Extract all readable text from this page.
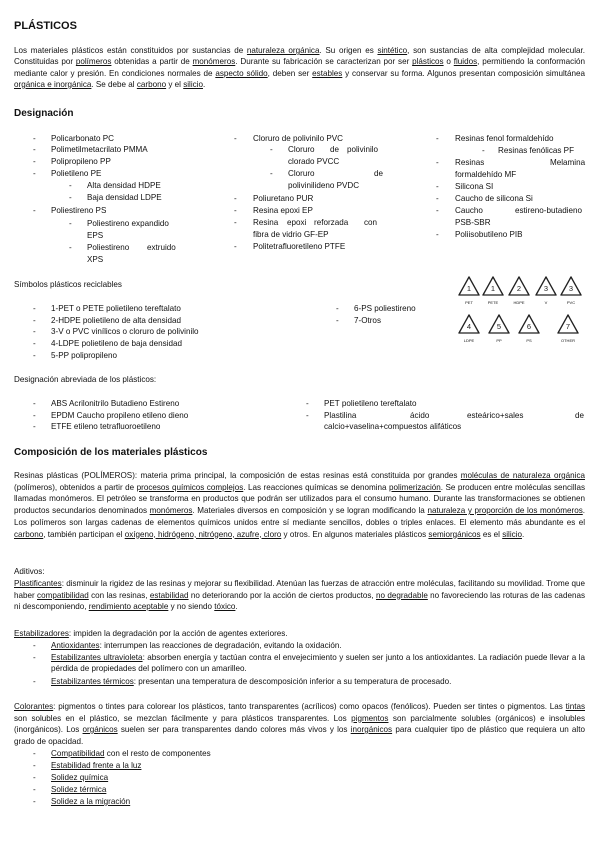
PLÁSTICOS
Los materiales plásticos están constituidos por sustancias de naturaleza orgánica. Su origen es sintético, son sustancias de alta complejidad molecular. Constituidas por polímeros obtenidas a partir de monómeros. Durante su fabricación se caracterizan por ser plásticos o fluidos, permitiendo la conformación mediante calor y presión. En condiciones normales de aspecto sólido, deben ser estables y conservar su forma. Algunos presentan composición simultánea orgánica e inorgánica. Se debe al carbono y el silicio.
Designación
-	Policarbonato PC
-	Polimetilmetacrilato PMMA
-	Polipropileno PP
-	Polietileno PE
-	Alta densidad HDPE
-	Baja densidad LDPE
-	Poliestireno PS
-	Poliestireno expandido
EPS
-	Poliestireno extruido
XPS
-	Cloruro de polivinilo PVC
-	Cloruro de polivinilo
clorado PVCC
-	Cloruro	de
polivinilideno PVDC
-	Poliuretano PUR
-	Resina epoxi EP
-	Resina epoxi reforzada con
fibra de vidrio GF-EP
-	Politetrafluoretileno PTFE
-	Resinas fenol formaldehído
-	Resinas fenólicas PF
-	Resinas	Melamina
formaldehído MF
-	Silicona SI
-	Caucho de silicona Si
-	Caucho	estireno-butadieno
PSB-SBR
-	Poliisobutileno PIB
Símbolos plásticos reciclables
-	1-PET o PETE polietileno tereftalato
-	2-HDPE polietileno de alta densidad
-	3-V o PVC vinílicos o cloruro de polivinilo
-	4-LDPE polietileno de baja densidad
-	5-PP polipropileno
-	6-PS poliestireno
-	7-Otros
1
PET
1
PETE
2
HDPE
3
V
3
PVC
4
LDPE
5
PP
6
PS
7
OTHER
Designación abreviada de los plásticos:
-	ABS Acrilonitrilo Butadieno Estireno
-	EPDM Caucho propileno etileno dieno
-	ETFE etileno tetrafluoroetileno
-	PET polietileno tereftalato
-	Plastilina	ácido	esteárico+sales	de
calcio+vaselina+compuestos alifáticos
Composición de los materiales plásticos
Resinas plásticas (POLÍMEROS): materia prima principal, la composición de estas resinas está constituida por grandes moléculas de naturaleza orgánica (polímeros), obtenidos a partir de procesos químicos complejos. Las reacciones químicas se denomina polimerización. Se producen entre moléculas sencillas llamadas monómeros. El petróleo se transforma en productos que podrán ser utilizados para el consumo humano. Durante las transformaciones se obtienen productos secundarios denominados monómeros. Materiales diversos en composición y se logran modificando la naturaleza y proporción de los monómeros. Los polímeros son largas cadenas de elementos químicos unidos entre sí mediante sencillos, dobles o triples enlaces. El elemento más abundante es el carbono, también participan el oxígeno, hidrógeno, nitrógeno, azufre, cloro y otros. En algunos materiales plásticos semiorgánicos es el silicio.
Aditivos:
Plastificantes: disminuir la rigidez de las resinas y mejorar su flexibilidad. Atenúan las fuerzas de atracción entre moléculas, facilitando su movilidad. Trome que haber compatibilidad con las resinas, estabilidad no deteriorando por la acción de ciertos productos, no degradable no favoreciendo las roturas de las cadenas ni descomponiendo, rendimiento aceptable y no siendo tóxico.
Estabilizadores: impiden la degradación por la acción de agentes exteriores.
-	Antioxidantes: interrumpen las reacciones de degradación, evitando la oxidación.
-	Estabilizantes ultravioleta: absorben energía y tactúan contra el envejecimiento y suelen ser junto a los antioxidantes. La radiación puede llevar a la pérdida de propiedades del polímero con un amarilleo.
-	Estabilizantes térmicos: presentan una temperatura de descomposición inferior a su temperatura de procesado.
Colorantes: pigmentos o tintes para colorear los plásticos, tanto transparentes (acrílicos) como opacos (fenólicos). Pueden ser tintes o pigmentos. Las tintas son solubles en el plástico, se mezclan fácilmente y para plásticos transparentes. Los pigmentos son parcialmente solubles (orgánicos) e insolubles (inorgánicos). Los orgánicos suelen ser para transparentes dando colores más vivos y los inorgánicos para cualquier tipo de plástico que requiera un alto grado de opacidad.
-	Compatibilidad con el resto de componentes
-	Estabilidad frente a la luz
-	Solidez química
-	Solidez térmica
-	Solidez a la migración
